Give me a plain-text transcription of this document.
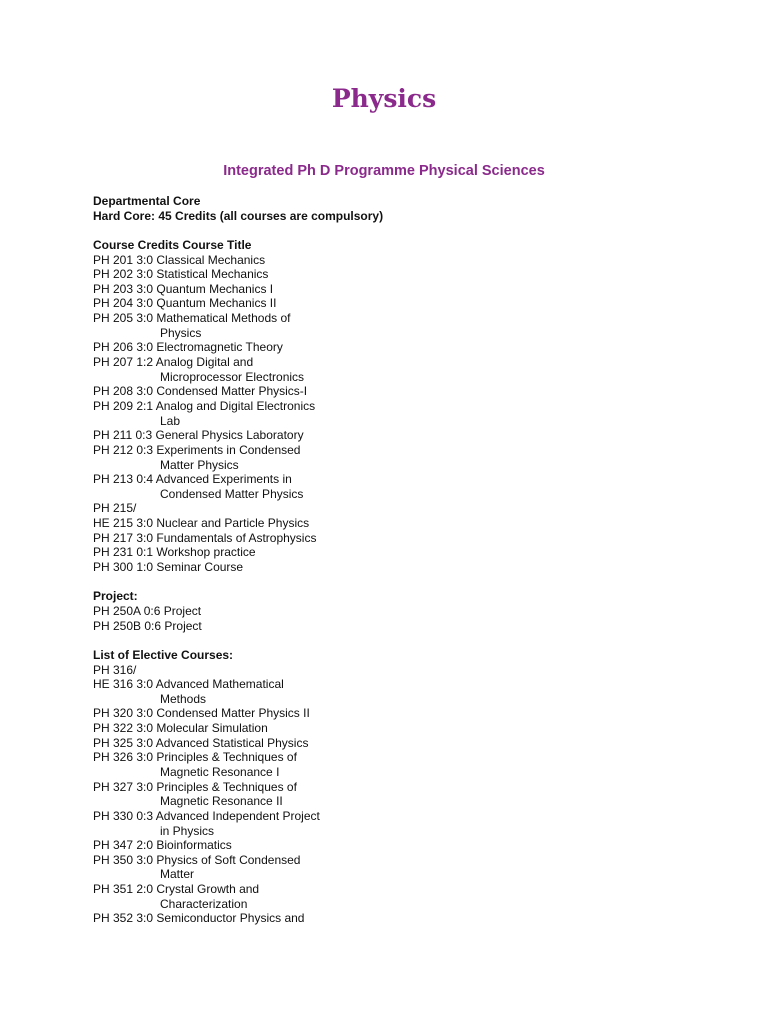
Physics
Integrated Ph D Programme Physical Sciences
Departmental Core
Hard Core: 45 Credits (all courses are compulsory)
Course Credits Course Title
PH 201 3:0 Classical Mechanics
PH 202 3:0 Statistical Mechanics
PH 203 3:0 Quantum Mechanics I
PH 204 3:0 Quantum Mechanics II
PH 205 3:0 Mathematical Methods of
Physics
PH 206 3:0 Electromagnetic Theory
PH 207 1:2 Analog Digital and
Microprocessor Electronics
PH 208 3:0 Condensed Matter Physics-I
PH 209 2:1 Analog and Digital Electronics
Lab
PH 211 0:3 General Physics Laboratory
PH 212 0:3 Experiments in Condensed
Matter Physics
PH 213 0:4 Advanced Experiments in
Condensed Matter Physics
PH 215/
HE 215 3:0 Nuclear and Particle Physics
PH 217 3:0 Fundamentals of Astrophysics
PH 231 0:1 Workshop practice
PH 300 1:0 Seminar Course
Project:
PH 250A 0:6 Project
PH 250B 0:6 Project
List of Elective Courses:
PH 316/
HE 316 3:0 Advanced Mathematical
Methods
PH 320 3:0 Condensed Matter Physics II
PH 322 3:0 Molecular Simulation
PH 325 3:0 Advanced Statistical Physics
PH 326 3:0 Principles & Techniques of
Magnetic Resonance I
PH 327 3:0 Principles & Techniques of
Magnetic Resonance II
PH 330 0:3 Advanced Independent Project
in Physics
PH 347 2:0 Bioinformatics
PH 350 3:0 Physics of Soft Condensed
Matter
PH 351 2:0 Crystal Growth and
Characterization
PH 352 3:0 Semiconductor Physics and
